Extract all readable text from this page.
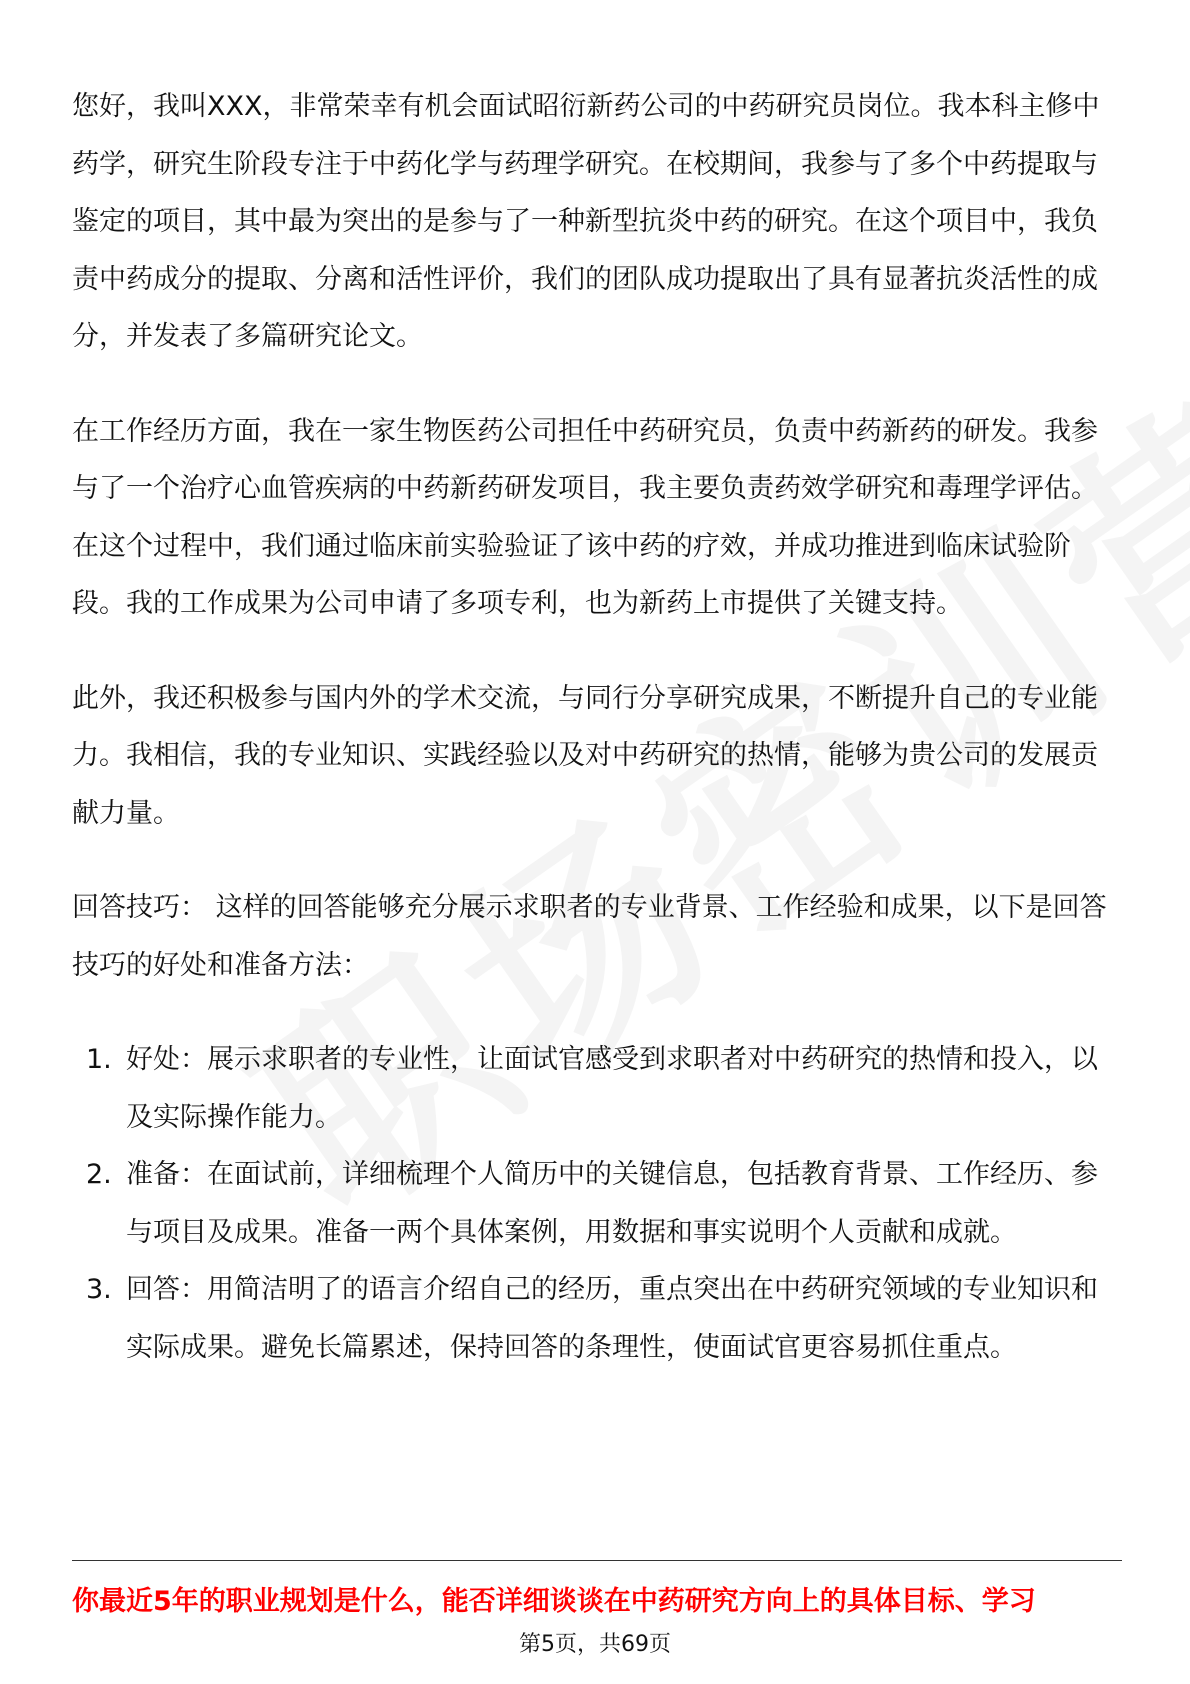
您好，我叫XXX，非常荣幸有机会面试昭衍新药公司的中药研究员岗位。我本科主修中药学，研究生阶段专注于中药化学与药理学研究。在校期间，我参与了多个中药提取与鉴定的项目，其中最为突出的是参与了一种新型抗炎中药的研究。在这个项目中，我负责中药成分的提取、分离和活性评价，我们的团队成功提取出了具有显著抗炎活性的成分，并发表了多篇研究论文。

在工作经历方面，我在一家生物医药公司担任中药研究员，负责中药新药的研发。我参与了一个治疗心血管疾病的中药新药研发项目，我主要负责药效学研究和毒理学评估。在这个过程中，我们通过临床前实验验证了该中药的疗效，并成功推进到临床试验阶段。我的工作成果为公司申请了多项专利，也为新药上市提供了关键支持。

此外，我还积极参与国内外的学术交流，与同行分享研究成果，不断提升自己的专业能力。我相信，我的专业知识、实践经验以及对中药研究的热情，能够为贵公司的发展贡献力量。

回答技巧： 这样的回答能够充分展示求职者的专业背景、工作经验和成果，以下是回答技巧的好处和准备方法：

1. 好处：展示求职者的专业性，让面试官感受到求职者对中药研究的热情和投入，以及实际操作能力。
2. 准备：在面试前，详细梳理个人简历中的关键信息，包括教育背景、工作经历、参与项目及成果。准备一两个具体案例，用数据和事实说明个人贡献和成就。
3. 回答：用简洁明了的语言介绍自己的经历，重点突出在中药研究领域的专业知识和实际成果。避免长篇累述，保持回答的条理性，使面试官更容易抓住重点。
你最近5年的职业规划是什么，能否详细谈谈在中药研究方向上的具体目标、学习
第5页，共69页
